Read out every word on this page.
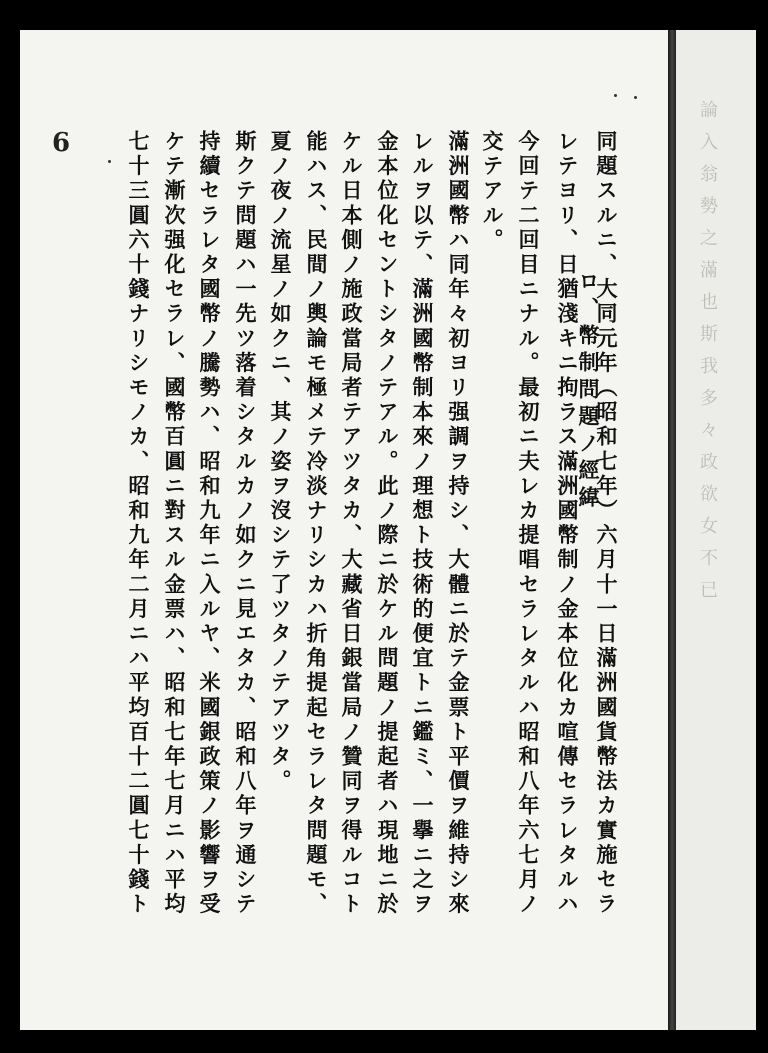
論入翁勢之滿也斯我多々政欲女不已
6
ロ、幣制問題ノ經緯
同題スルニ、大同元年（昭和七年）六月十一日滿洲國貨幣法カ實施セラ
レテヨリ、日猶淺キニ拘ラス滿洲國幣制ノ金本位化カ喧傳セラレタルハ
今回テ二回目ニナル。最初ニ夫レカ提唱セラレタルハ昭和八年六七月ノ
交テアル。
滿洲國幣ハ同年々初ヨリ强調ヲ持シ、大體ニ於テ金票ト平價ヲ維持シ來
レルヲ以テ、滿洲國幣制本來ノ理想ト技術的便宜トニ鑑ミ、一擧ニ之ヲ
金本位化セントシタノテアル。此ノ際ニ於ケル問題ノ提起者ハ現地ニ於
ケル日本側ノ施政當局者テアツタカ、大藏省日銀當局ノ贊同ヲ得ルコト
能ハス、民間ノ輿論モ極メテ冷淡ナリシカハ折角提起セラレタ問題モ、
夏ノ夜ノ流星ノ如クニ、其ノ姿ヲ沒シテ了ツタノテアツタ。
斯クテ問題ハ一先ツ落着シタルカノ如クニ見エタカ、昭和八年ヲ通シテ
持續セラレタ國幣ノ騰勢ハ、昭和九年ニ入ルヤ、米國銀政策ノ影響ヲ受
ケテ漸次强化セラレ、國幣百圓ニ對スル金票ハ、昭和七年七月ニハ平均
七十三圓六十錢ナリシモノカ、昭和九年二月ニハ平均百十二圓七十錢ト
